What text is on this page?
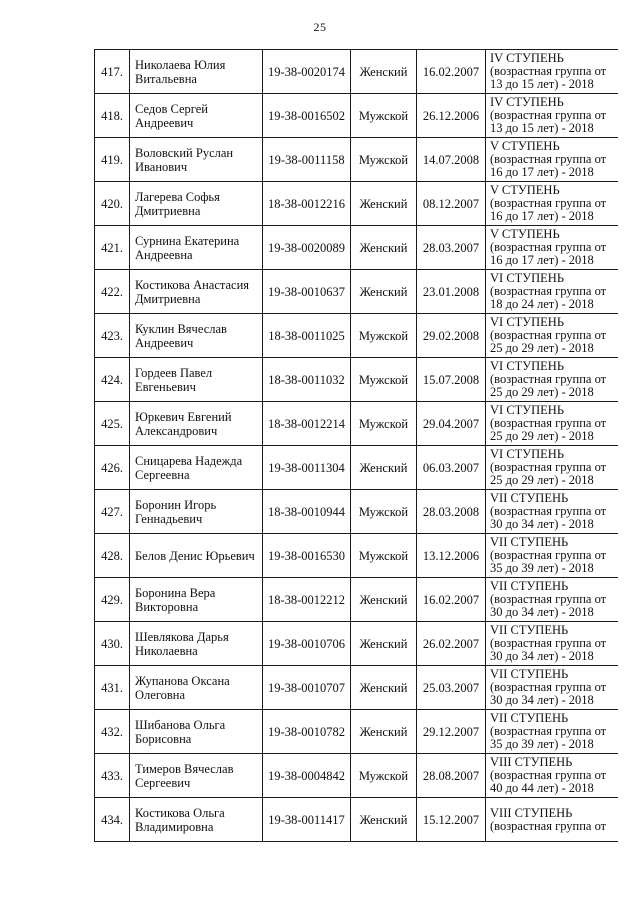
25
417.	Николаева Юлия Витальевна	19-38-0020174	Женский	16.02.2007	IV СТУПЕНЬ
(возрастная группа от
13 до 15 лет) - 2018

418.	Седов Сергей Андреевич	19-38-0016502	Мужской	26.12.2006	IV СТУПЕНЬ
(возрастная группа от
13 до 15 лет) - 2018

419.	Воловский Руслан Иванович	19-38-0011158	Мужской	14.07.2008	V СТУПЕНЬ
(возрастная группа от
16 до 17 лет) - 2018

420.	Лагерева Софья Дмитриевна	18-38-0012216	Женский	08.12.2007	V СТУПЕНЬ
(возрастная группа от
16 до 17 лет) - 2018

421.	Сурнина Екатерина Андреевна	19-38-0020089	Женский	28.03.2007	V СТУПЕНЬ
(возрастная группа от
16 до 17 лет) - 2018

422.	Костикова Анастасия Дмитриевна	19-38-0010637	Женский	23.01.2008	VI СТУПЕНЬ
(возрастная группа от
18 до 24 лет) - 2018

423.	Куклин Вячеслав Андреевич	18-38-0011025	Мужской	29.02.2008	VI СТУПЕНЬ
(возрастная группа от
25 до 29 лет) - 2018

424.	Гордеев Павел Евгеньевич	18-38-0011032	Мужской	15.07.2008	VI СТУПЕНЬ
(возрастная группа от
25 до 29 лет) - 2018

425.	Юркевич Евгений Александрович	18-38-0012214	Мужской	29.04.2007	VI СТУПЕНЬ
(возрастная группа от
25 до 29 лет) - 2018

426.	Сницарева Надежда Сергеевна	19-38-0011304	Женский	06.03.2007	VI СТУПЕНЬ
(возрастная группа от
25 до 29 лет) - 2018

427.	Боронин Игорь Геннадьевич	18-38-0010944	Мужской	28.03.2008	VII СТУПЕНЬ
(возрастная группа от
30 до 34 лет) - 2018

428.	Белов Денис Юрьевич	19-38-0016530	Мужской	13.12.2006	VII СТУПЕНЬ
(возрастная группа от
35 до 39 лет) - 2018

429.	Боронина Вера Викторовна	18-38-0012212	Женский	16.02.2007	VII СТУПЕНЬ
(возрастная группа от
30 до 34 лет) - 2018

430.	Шевлякова Дарья Николаевна	19-38-0010706	Женский	26.02.2007	VII СТУПЕНЬ
(возрастная группа от
30 до 34 лет) - 2018

431.	Жупанова Оксана Олеговна	19-38-0010707	Женский	25.03.2007	VII СТУПЕНЬ
(возрастная группа от
30 до 34 лет) - 2018

432.	Шибанова Ольга Борисовна	19-38-0010782	Женский	29.12.2007	VII СТУПЕНЬ
(возрастная группа от
35 до 39 лет) - 2018

433.	Тимеров Вячеслав Сергеевич	19-38-0004842	Мужской	28.08.2007	VIII СТУПЕНЬ
(возрастная группа от
40 до 44 лет) - 2018

434.	Костикова Ольга Владимировна	19-38-0011417	Женский	15.12.2007	VIII СТУПЕНЬ
(возрастная группа от
